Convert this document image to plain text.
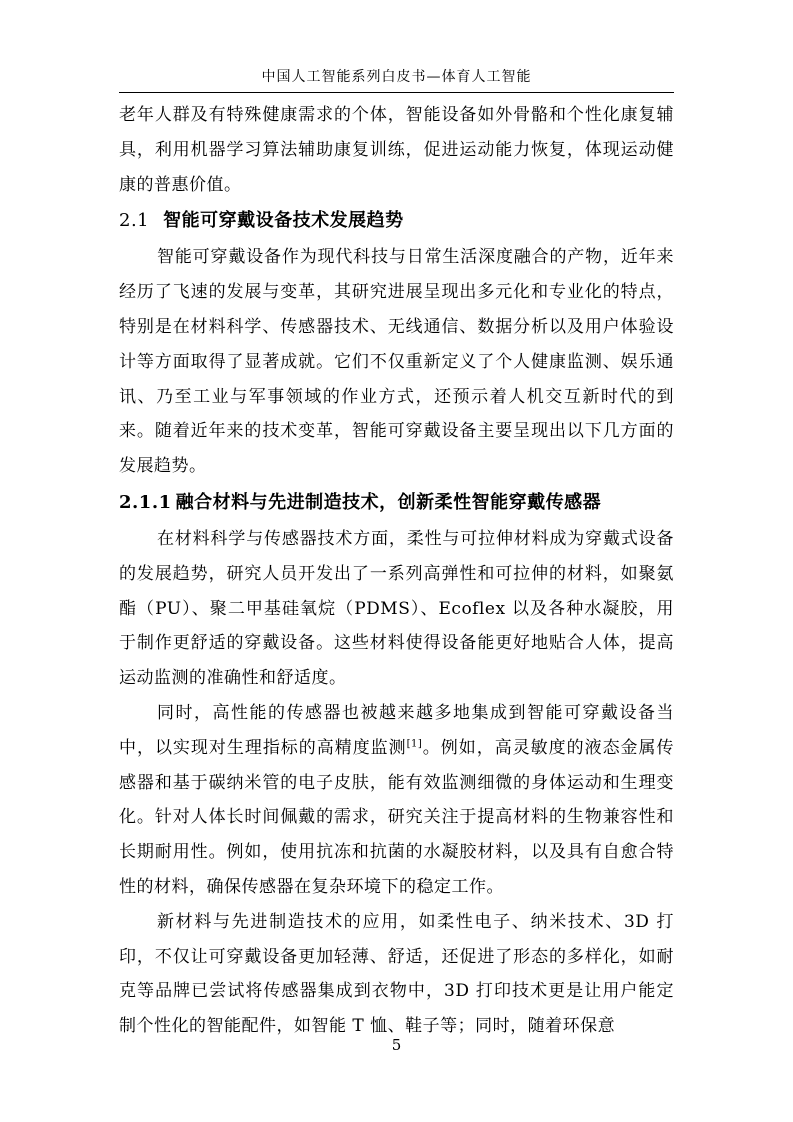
中国人工智能系列白皮书—体育人工智能

老年人群及有特殊健康需求的个体，智能设备如外骨骼和个性化康复辅具，利用机器学习算法辅助康复训练，促进运动能力恢复，体现运动健康的普惠价值。

2.1 智能可穿戴设备技术发展趋势

智能可穿戴设备作为现代科技与日常生活深度融合的产物，近年来经历了飞速的发展与变革，其研究进展呈现出多元化和专业化的特点，特别是在材料科学、传感器技术、无线通信、数据分析以及用户体验设计等方面取得了显著成就。它们不仅重新定义了个人健康监测、娱乐通讯、乃至工业与军事领域的作业方式，还预示着人机交互新时代的到来。随着近年来的技术变革，智能可穿戴设备主要呈现出以下几方面的发展趋势。

2.1.1 融合材料与先进制造技术，创新柔性智能穿戴传感器

在材料科学与传感器技术方面，柔性与可拉伸材料成为穿戴式设备的发展趋势，研究人员开发出了一系列高弹性和可拉伸的材料，如聚氨酯（PU）、聚二甲基硅氧烷（PDMS）、Ecoflex 以及各种水凝胶，用于制作更舒适的穿戴设备。这些材料使得设备能更好地贴合人体，提高运动监测的准确性和舒适度。

同时，高性能的传感器也被越来越多地集成到智能可穿戴设备当中，以实现对生理指标的高精度监测[1]。例如，高灵敏度的液态金属传感器和基于碳纳米管的电子皮肤，能有效监测细微的身体运动和生理变化。针对人体长时间佩戴的需求，研究关注于提高材料的生物兼容性和长期耐用性。例如，使用抗冻和抗菌的水凝胶材料，以及具有自愈合特性的材料，确保传感器在复杂环境下的稳定工作。

新材料与先进制造技术的应用，如柔性电子、纳米技术、3D 打印，不仅让可穿戴设备更加轻薄、舒适，还促进了形态的多样化，如耐克等品牌已尝试将传感器集成到衣物中，3D 打印技术更是让用户能定制个性化的智能配件，如智能 T 恤、鞋子等；同时，随着环保意

5
